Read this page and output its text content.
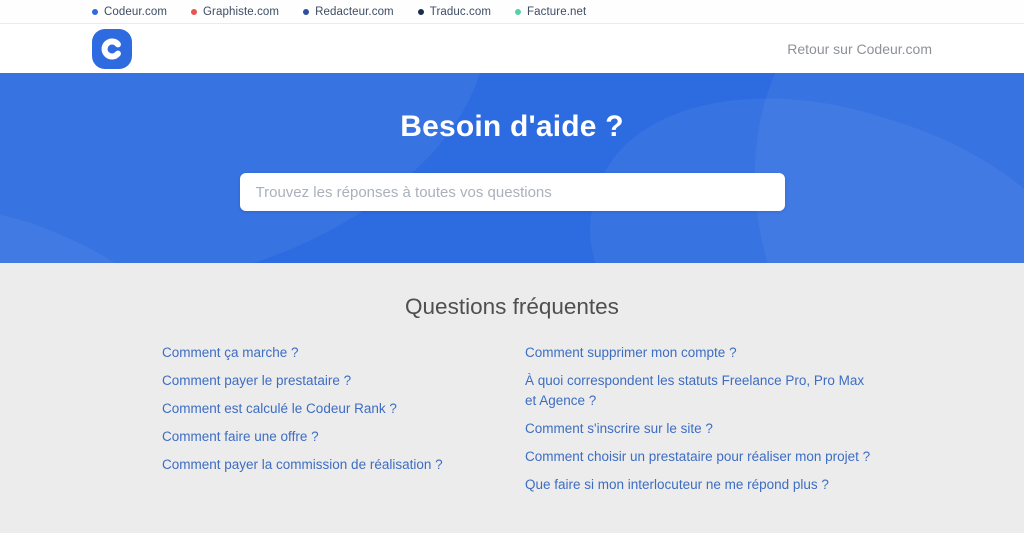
Codeur.com	Graphiste.com	Redacteur.com	Traduc.com	Facture.net
Retour sur Codeur.com
Besoin d'aide ?
Trouvez les réponses à toutes vos questions
Questions fréquentes
Comment ça marche ?
Comment payer le prestataire ?
Comment est calculé le Codeur Rank ?
Comment faire une offre ?
Comment payer la commission de réalisation ?
Comment supprimer mon compte ?
À quoi correspondent les statuts Freelance Pro, Pro Max et Agence ?
Comment s'inscrire sur le site ?
Comment choisir un prestataire pour réaliser mon projet ?
Que faire si mon interlocuteur ne me répond plus ?
